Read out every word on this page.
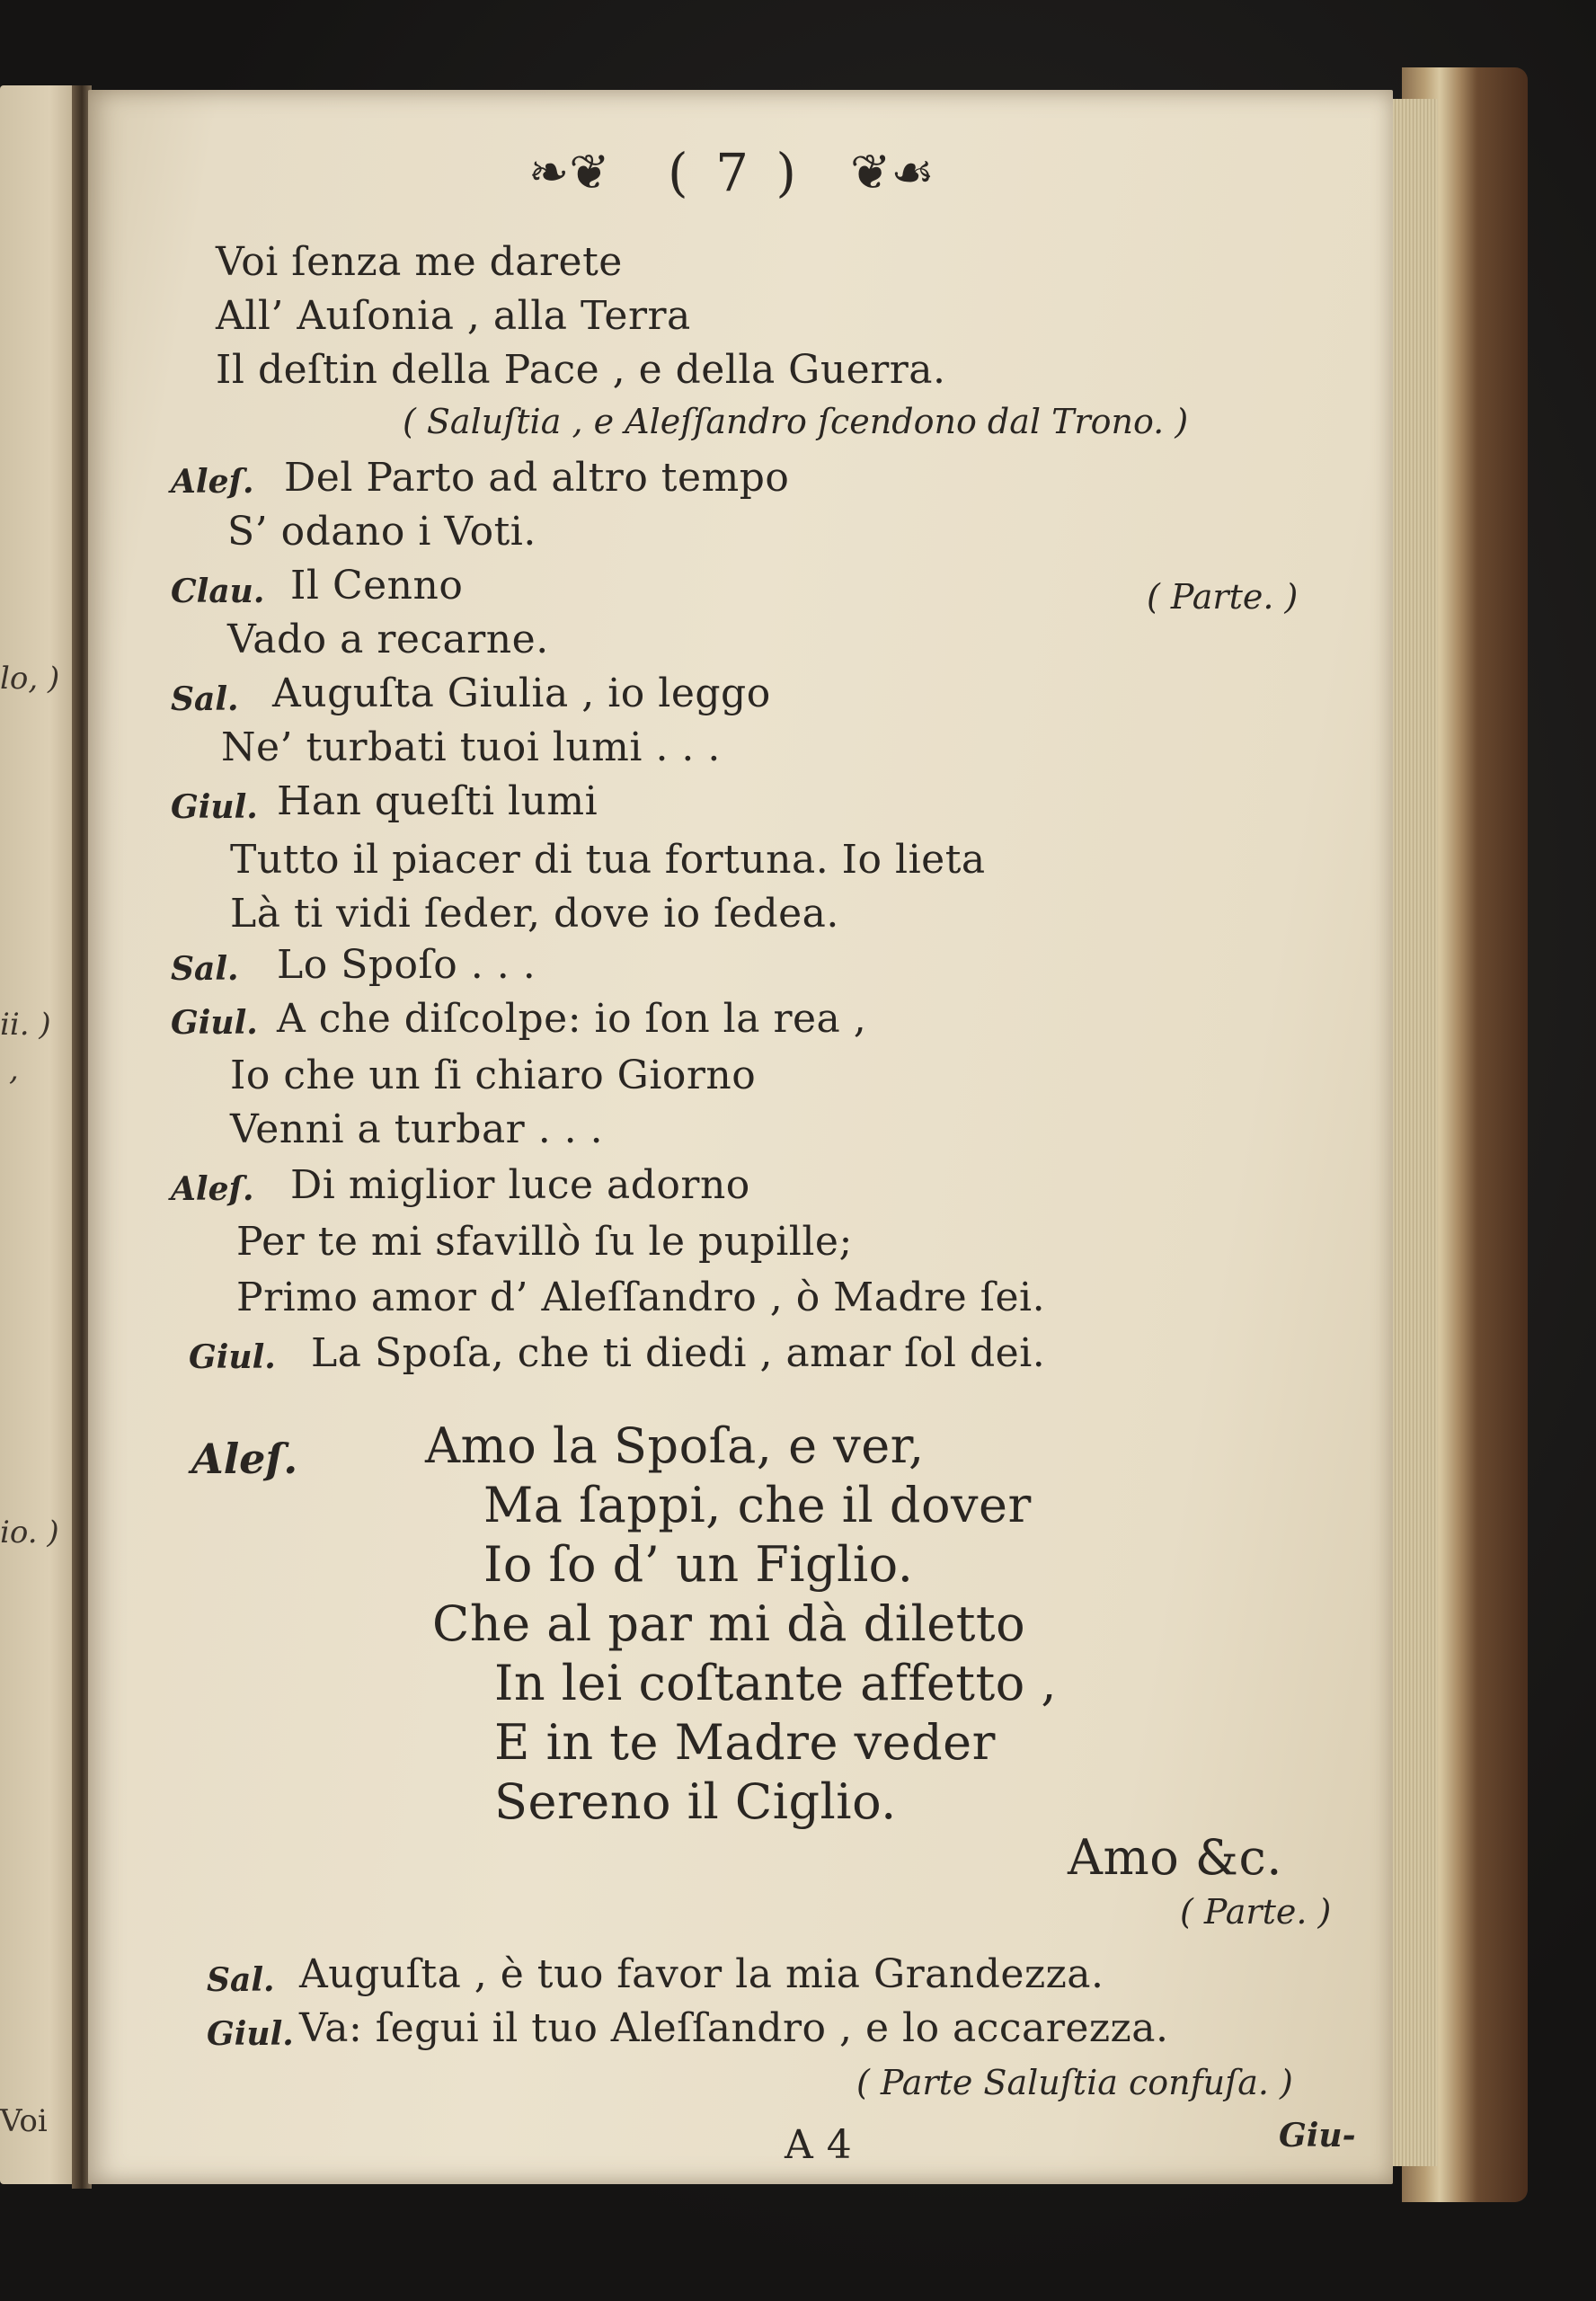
lo, )
ii. )
,
io. )
Voi
❧❦ ( 7 ) ❦☙
Voi ſenza me darete
All’ Auſonia , alla Terra
Il deſtin della Pace , e della Guerra.
( Saluſtia , e Aleſſandro ſcendono dal Trono. )
Aleſ. Del Parto ad altro tempo
S’ odano i Voti.
Clau. Il Cenno
Vado a recarne.
( Parte. )
Sal. Auguſta Giulia , io leggo
Ne’ turbati tuoi lumi . . .
Giul. Han queſti lumi
Tutto il piacer di tua fortuna. Io lieta
Là ti vidi ſeder, dove io ſedea.
Sal. Lo Spoſo . . .
Giul. A che diſcolpe: io ſon la rea ,
Io che un ſi chiaro Giorno
Venni a turbar . . .
Aleſ. Di miglior luce adorno
Per te mi sfavillò ſu le pupille;
Primo amor d’ Aleſſandro , ò Madre ſei.
Giul. La Spoſa, che ti diedi , amar ſol dei.
Aleſ.	Amo la Spoſa, e ver,
Ma ſappi, che il dover
Io ſo d’ un Figlio.
Che al par mi dà diletto
In lei coſtante affetto ,
E in te Madre veder
Sereno il Ciglio.
Amo &c.
( Parte. )
Sal. Auguſta , è tuo favor la mia Grandezza.
Giul. Va: ſegui il tuo Aleſſandro , e lo accarezza.
( Parte Saluſtia confuſa. )
A 4	Giu-
